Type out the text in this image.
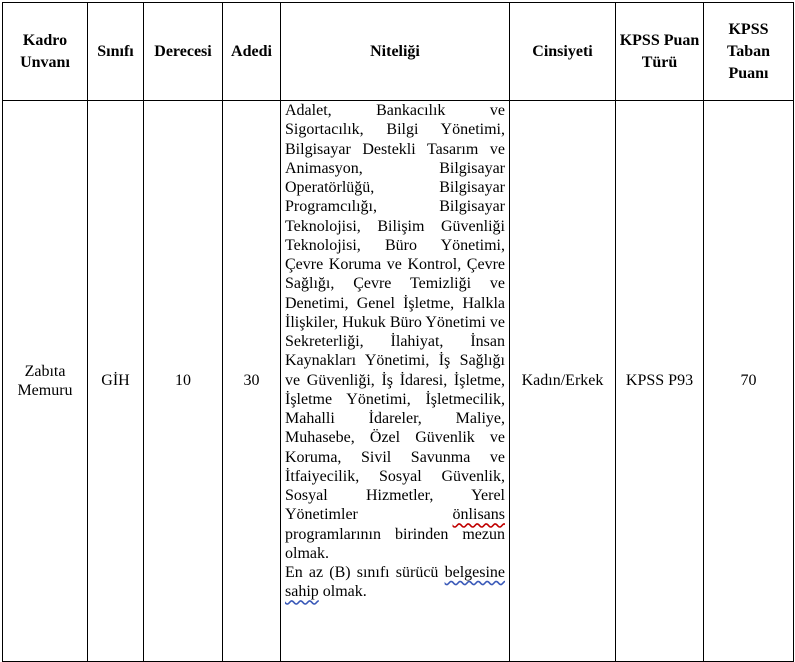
Kadro Unvanı	Sınıfı	Derecesi	Adedi	Niteliği	Cinsiyeti	KPSS Puan Türü	KPSS Taban Puanı
Zabıta Memuru	GİH	10	30	Adalet, Bankacılık ve Sigortacılık, Bilgi Yönetimi, Bilgisayar Destekli Tasarım ve Animasyon, Bilgisayar Operatörlüğü, Bilgisayar Programcılığı, Bilgisayar Teknolojisi, Bilişim Güvenliği Teknolojisi, Büro Yönetimi, Çevre Koruma ve Kontrol, Çevre Sağlığı, Çevre Temizliği ve Denetimi, Genel İşletme, Halkla İlişkiler, Hukuk Büro Yönetimi ve Sekreterliği, İlahiyat, İnsan Kaynakları Yönetimi, İş Sağlığı ve Güvenliği, İş İdaresi, İşletme, İşletme Yönetimi, İşletmecilik, Mahalli İdareler, Maliye, Muhasebe, Özel Güvenlik ve Koruma, Sivil Savunma ve İtfaiyecilik, Sosyal Güvenlik, Sosyal Hizmetler, Yerel Yönetimler önlisans programlarının birinden mezun olmak.

En az (B) sınıfı sürücü belgesine sahip olmak.	Kadın/Erkek	KPSS P93	70
